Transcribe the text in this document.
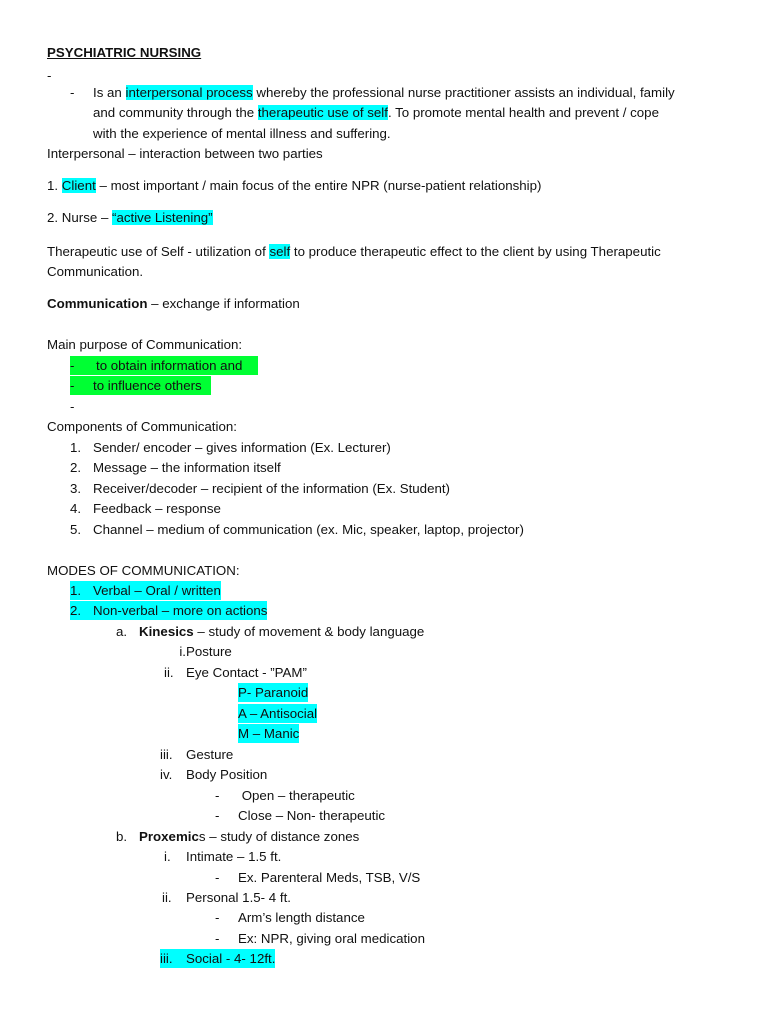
PSYCHIATRIC NURSING
-
- Is an interpersonal process whereby the professional nurse practitioner assists an individual, family
and community through the therapeutic use of self. To promote mental health and prevent / cope
with the experience of mental illness and suffering.
Interpersonal – interaction between two parties
1. Client – most important / main focus of the entire NPR (nurse-patient relationship)
2. Nurse – “active Listening”
Therapeutic use of Self - utilization of self to produce therapeutic effect to the client by using Therapeutic
Communication.
Communication – exchange if information
Main purpose of Communication:
- to obtain information and
- to influence others
-
Components of Communication:
1. Sender/ encoder – gives information (Ex. Lecturer)
2. Message – the information itself
3. Receiver/decoder – recipient of the information (Ex. Student)
4. Feedback – response
5. Channel – medium of communication (ex. Mic, speaker, laptop, projector)
MODES OF COMMUNICATION:
1. Verbal – Oral / written
2. Non-verbal – more on actions
a. Kinesics – study of movement & body language
i.Posture
ii. Eye Contact - ”PAM”
P- Paranoid
A – Antisocial
M – Manic
iii. Gesture
iv. Body Position
- Open – therapeutic
- Close – Non- therapeutic
b. Proxemics – study of distance zones
i. Intimate – 1.5 ft.
- Ex. Parenteral Meds, TSB, V/S
ii. Personal 1.5- 4 ft.
- Arm’s length distance
- Ex: NPR, giving oral medication
iii. Social - 4- 12ft.
